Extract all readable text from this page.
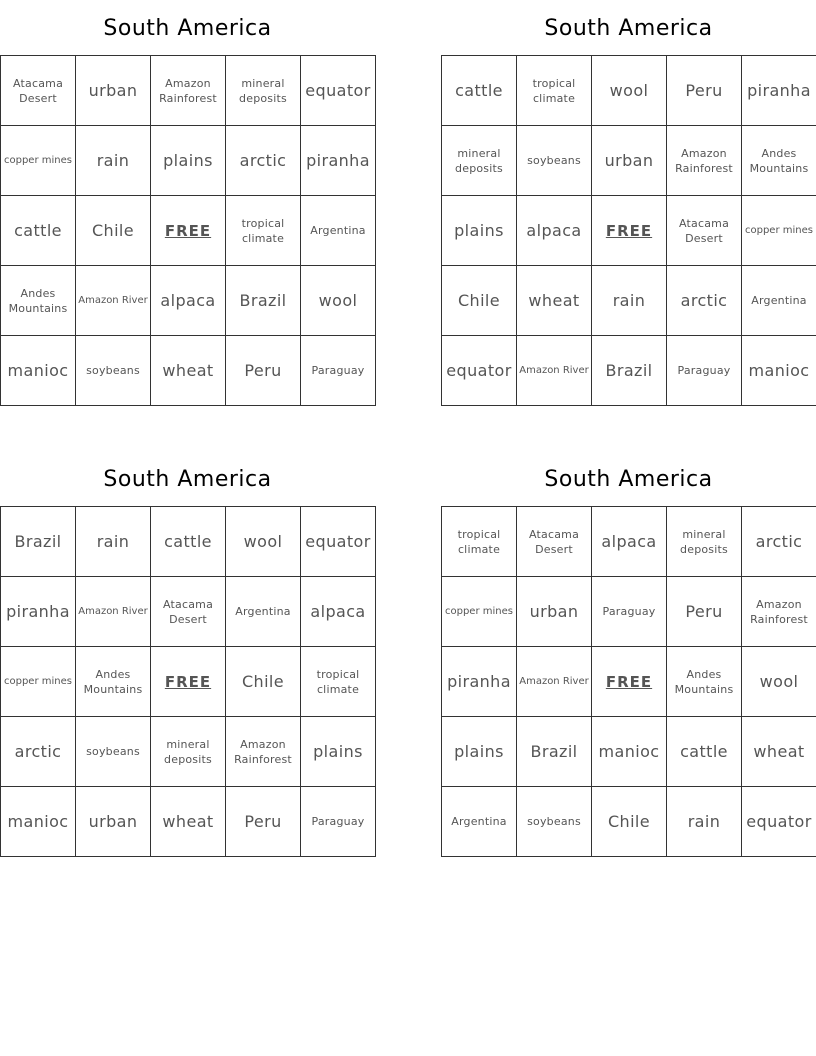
South America
Atacama Desert	urban	Amazon Rainforest	mineral deposits	equator
copper mines	rain	plains	arctic	piranha
cattle	Chile	FREE	tropical climate	Argentina
Andes Mountains	Amazon River	alpaca	Brazil	wool
manioc	soybeans	wheat	Peru	Paraguay
South America
cattle	tropical climate	wool	Peru	piranha
mineral deposits	soybeans	urban	Amazon Rainforest	Andes Mountains
plains	alpaca	FREE	Atacama Desert	copper mines
Chile	wheat	rain	arctic	Argentina
equator	Amazon River	Brazil	Paraguay	manioc
South America
Brazil	rain	cattle	wool	equator
piranha	Amazon River	Atacama Desert	Argentina	alpaca
copper mines	Andes Mountains	FREE	Chile	tropical climate
arctic	soybeans	mineral deposits	Amazon Rainforest	plains
manioc	urban	wheat	Peru	Paraguay
South America
tropical climate	Atacama Desert	alpaca	mineral deposits	arctic
copper mines	urban	Paraguay	Peru	Amazon Rainforest
piranha	Amazon River	FREE	Andes Mountains	wool
plains	Brazil	manioc	cattle	wheat
Argentina	soybeans	Chile	rain	equator
